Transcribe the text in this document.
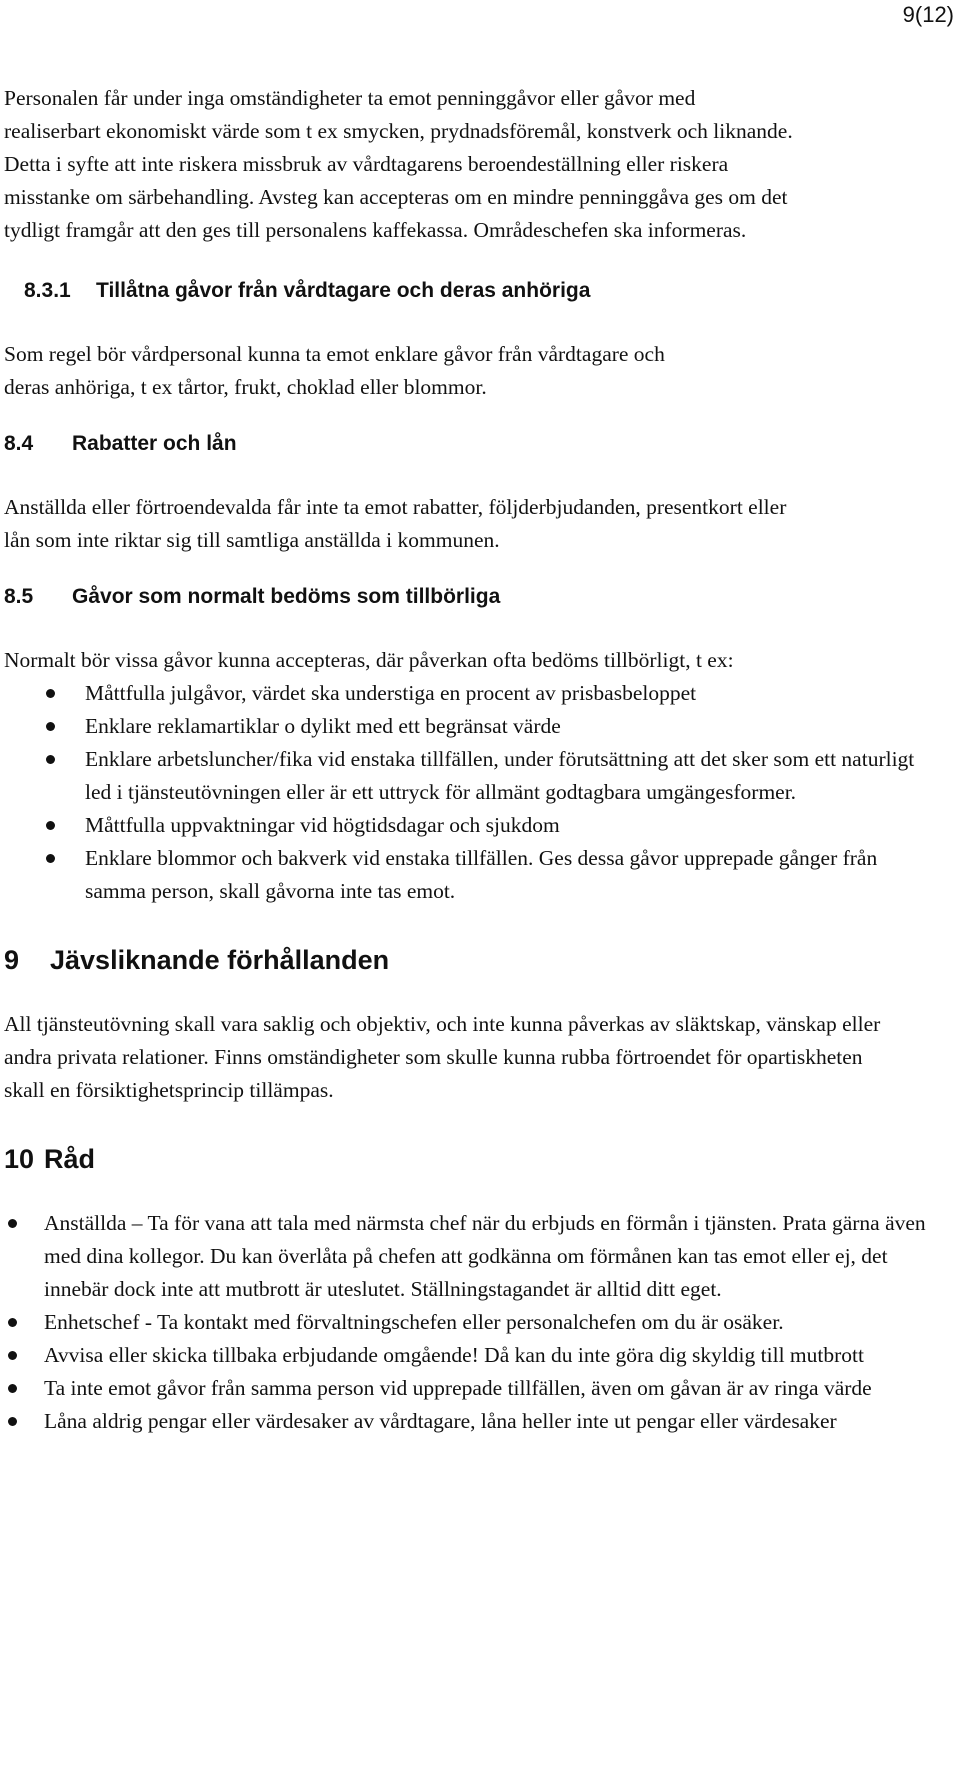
9(12)

Personalen får under inga omständigheter ta emot penninggåvor eller gåvor med realiserbart ekonomiskt värde som t ex smycken, prydnadsföremål, konstverk och liknande. Detta i syfte att inte riskera missbruk av vårdtagarens beroendeställning eller riskera misstanke om särbehandling. Avsteg kan accepteras om en mindre penninggåva ges om det tydligt framgår att den ges till personalens kaffekassa. Områdeschefen ska informeras.

8.3.1 Tillåtna gåvor från vårdtagare och deras anhöriga

Som regel bör vårdpersonal kunna ta emot enklare gåvor från vårdtagare och deras anhöriga, t ex tårtor, frukt, choklad eller blommor.

8.4 Rabatter och lån

Anställda eller förtroendevalda får inte ta emot rabatter, följderbjudanden, presentkort eller lån som inte riktar sig till samtliga anställda i kommunen.

8.5 Gåvor som normalt bedöms som tillbörliga

Normalt bör vissa gåvor kunna accepteras, där påverkan ofta bedöms tillbörligt, t ex:

Måttfulla julgåvor, värdet ska understiga en procent av prisbasbeloppet
Enklare reklamartiklar o dylikt med ett begränsat värde
Enklare arbetsluncher/fika vid enstaka tillfällen, under förutsättning att det sker som ett naturligt led i tjänsteutövningen eller är ett uttryck för allmänt godtagbara umgängesformer.
Måttfulla uppvaktningar vid högtidsdagar och sjukdom
Enklare blommor och bakverk vid enstaka tillfällen. Ges dessa gåvor upprepade gånger från samma person, skall gåvorna inte tas emot.
9 Jävsliknande förhållanden

All tjänsteutövning skall vara saklig och objektiv, och inte kunna påverkas av släktskap, vänskap eller andra privata relationer. Finns omständigheter som skulle kunna rubba förtroendet för opartiskheten skall en försiktighetsprincip tillämpas.

10 Råd
Anställda – Ta för vana att tala med närmsta chef när du erbjuds en förmån i tjänsten. Prata gärna även med dina kollegor. Du kan överlåta på chefen att godkänna om förmånen kan tas emot eller ej, det innebär dock inte att mutbrott är uteslutet. Ställningstagandet är alltid ditt eget.
Enhetschef - Ta kontakt med förvaltningschefen eller personalchefen om du är osäker.
Avvisa eller skicka tillbaka erbjudande omgående! Då kan du inte göra dig skyldig till mutbrott
Ta inte emot gåvor från samma person vid upprepade tillfällen, även om gåvan är av ringa värde
Låna aldrig pengar eller värdesaker av vårdtagare, låna heller inte ut pengar eller värdesaker
